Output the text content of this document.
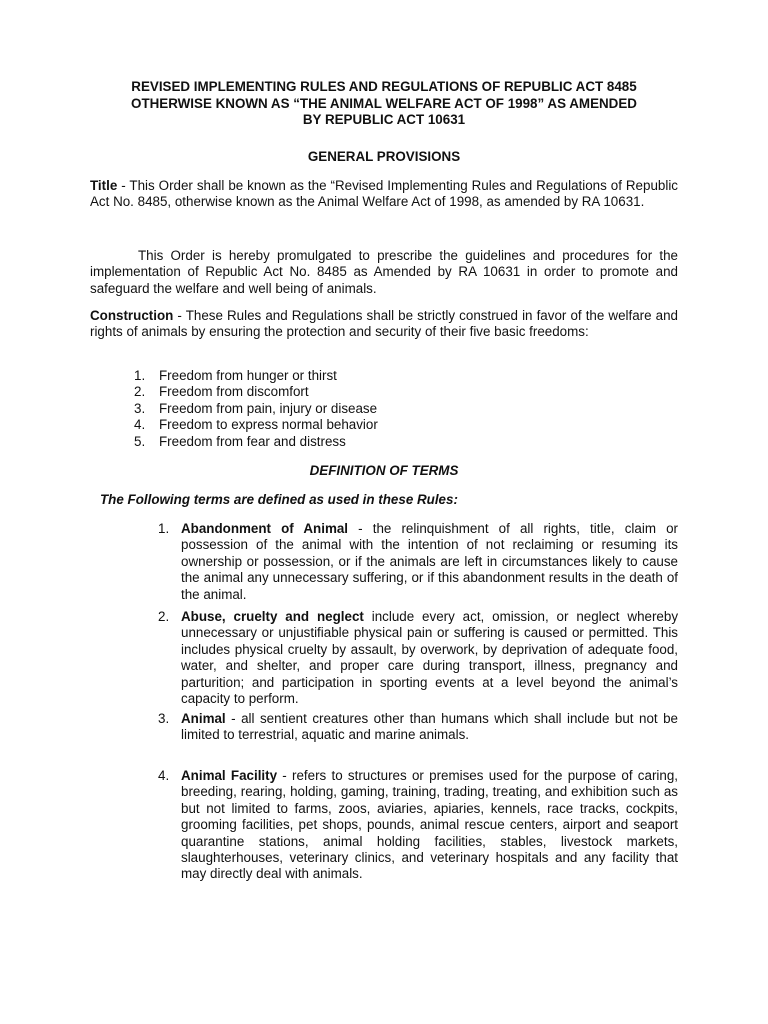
REVISED IMPLEMENTING RULES AND REGULATIONS OF REPUBLIC ACT 8485
OTHERWISE KNOWN AS “THE ANIMAL WELFARE ACT OF 1998” AS AMENDED
BY REPUBLIC ACT 10631
GENERAL PROVISIONS
Title - This Order shall be known as the “Revised Implementing Rules and Regulations of Republic Act No. 8485, otherwise known as the Animal Welfare Act of 1998, as amended by RA 10631.
This Order is hereby promulgated to prescribe the guidelines and procedures for the implementation of Republic Act No. 8485 as Amended by RA 10631 in order to promote and safeguard the welfare and well being of animals.
Construction - These Rules and Regulations shall be strictly construed in favor of the welfare and rights of animals by ensuring the protection and security of their five basic freedoms:
1. Freedom from hunger or thirst
2. Freedom from discomfort
3. Freedom from pain, injury or disease
4. Freedom to express normal behavior
5. Freedom from fear and distress
DEFINITION OF TERMS
The Following terms are defined as used in these Rules:
1. Abandonment of Animal - the relinquishment of all rights, title, claim or possession of the animal with the intention of not reclaiming or resuming its ownership or possession, or if the animals are left in circumstances likely to cause the animal any unnecessary suffering, or if this abandonment results in the death of the animal.
2. Abuse, cruelty and neglect include every act, omission, or neglect whereby unnecessary or unjustifiable physical pain or suffering is caused or permitted. This includes physical cruelty by assault, by overwork, by deprivation of adequate food, water, and shelter, and proper care during transport, illness, pregnancy and parturition; and participation in sporting events at a level beyond the animal’s capacity to perform.
3. Animal - all sentient creatures other than humans which shall include but not be limited to terrestrial, aquatic and marine animals.
4. Animal Facility - refers to structures or premises used for the purpose of caring, breeding, rearing, holding, gaming, training, trading, treating, and exhibition such as but not limited to farms, zoos, aviaries, apiaries, kennels, race tracks, cockpits, grooming facilities, pet shops, pounds, animal rescue centers, airport and seaport quarantine stations, animal holding facilities, stables, livestock markets, slaughterhouses, veterinary clinics, and veterinary hospitals and any facility that may directly deal with animals.
